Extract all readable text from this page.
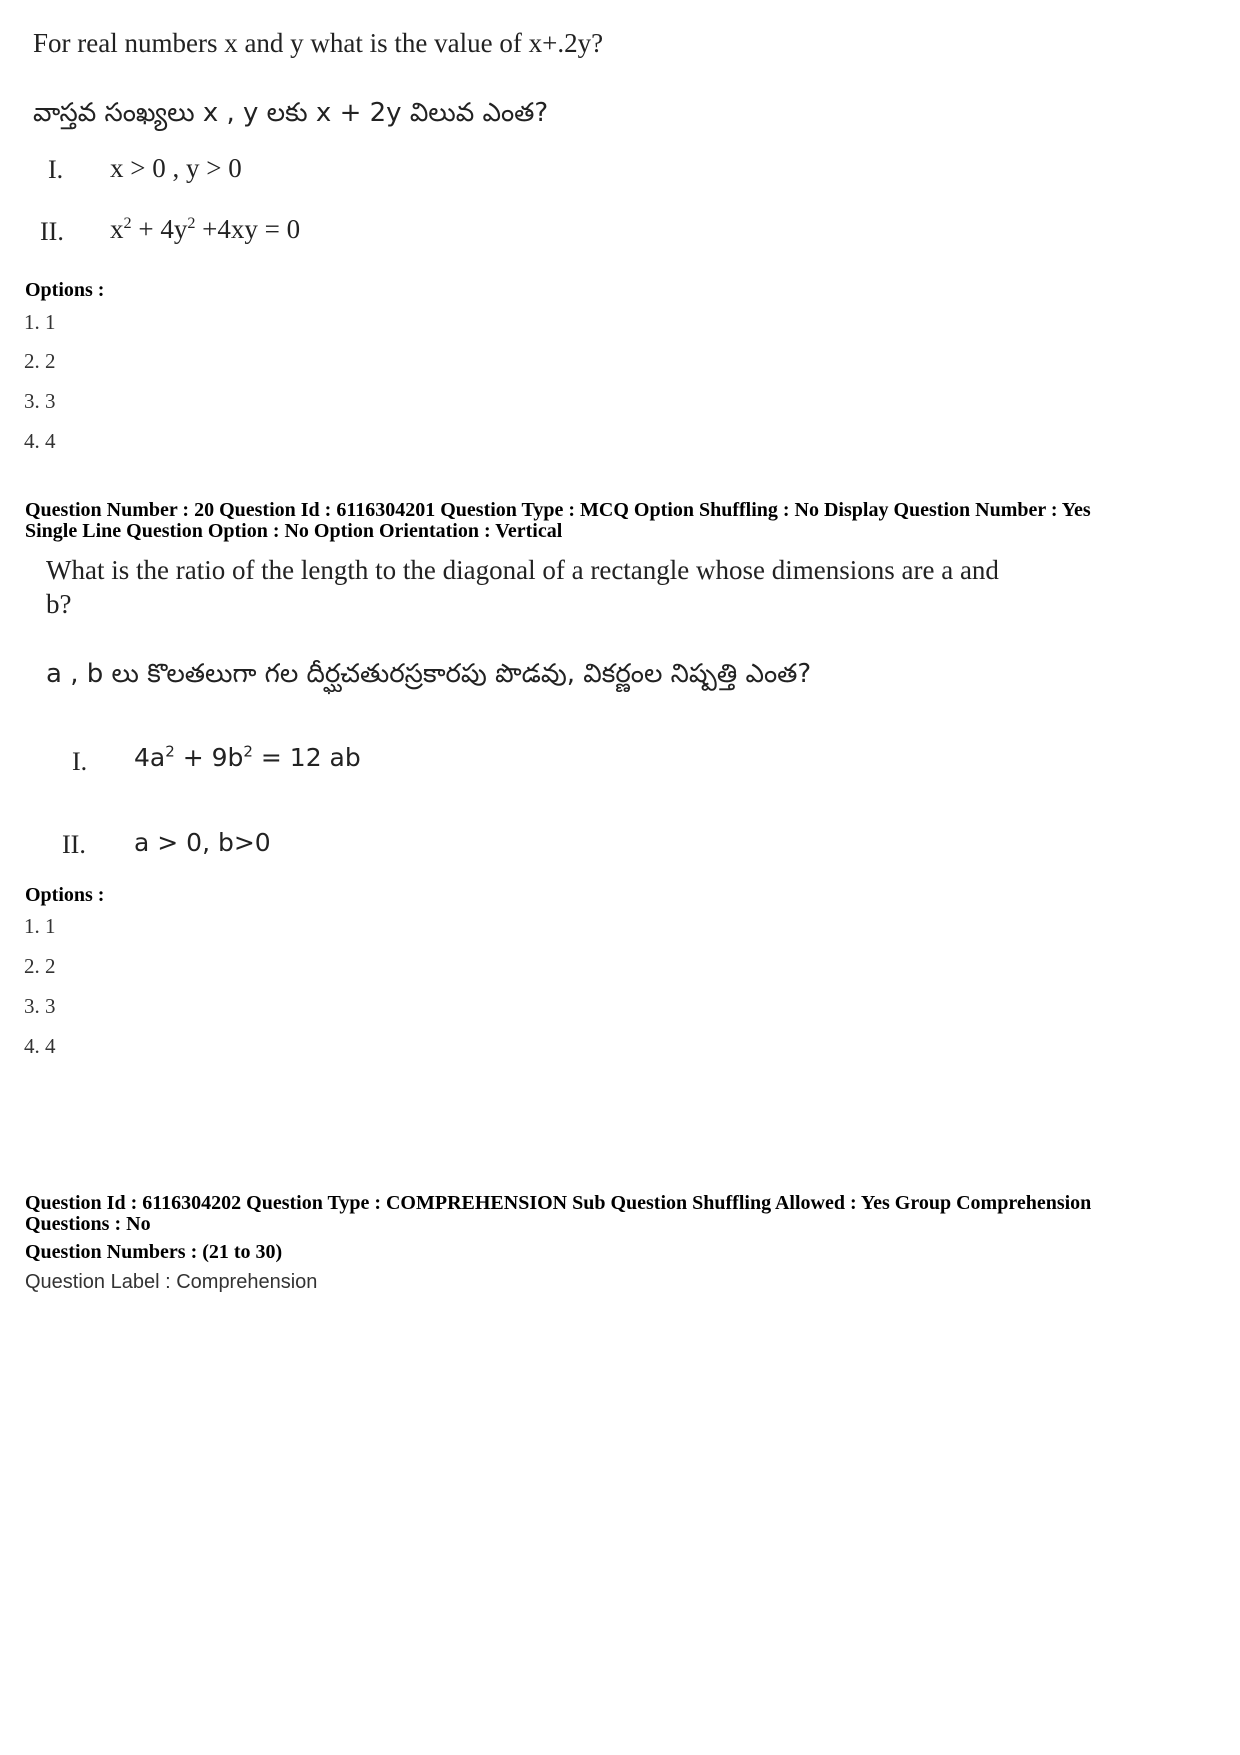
For real numbers x and y what is the value of x+.2y?
వాస్తవ సంఖ్యలు x , y లకు x + 2y విలువ ఎంత?
I. x > 0 , y > 0
II. $x^2 + 4y^2 +4xy = 0$
Options :
1. 1
2. 2
3. 3
4. 4
Question Number : 20 Question Id : 6116304201 Question Type : MCQ Option Shuffling : No Display Question Number : Yes
Single Line Question Option : No Option Orientation : Vertical
What is the ratio of the length to the diagonal of a rectangle whose dimensions are a and
b?
a , b లు కొలతలుగా గల దీర్ఘచతురస్రకారపు పొడవు, వికర్ణంల నిష్పత్తి ఎంత?
I. $4a^2 + 9b^2 = 12$ ab
II. a > 0, b>0
Options :
1. 1
2. 2
3. 3
4. 4
Question Id : 6116304202 Question Type : COMPREHENSION Sub Question Shuffling Allowed : Yes Group Comprehension
Questions : No
Question Numbers : (21 to 30)
Question Label : Comprehension
